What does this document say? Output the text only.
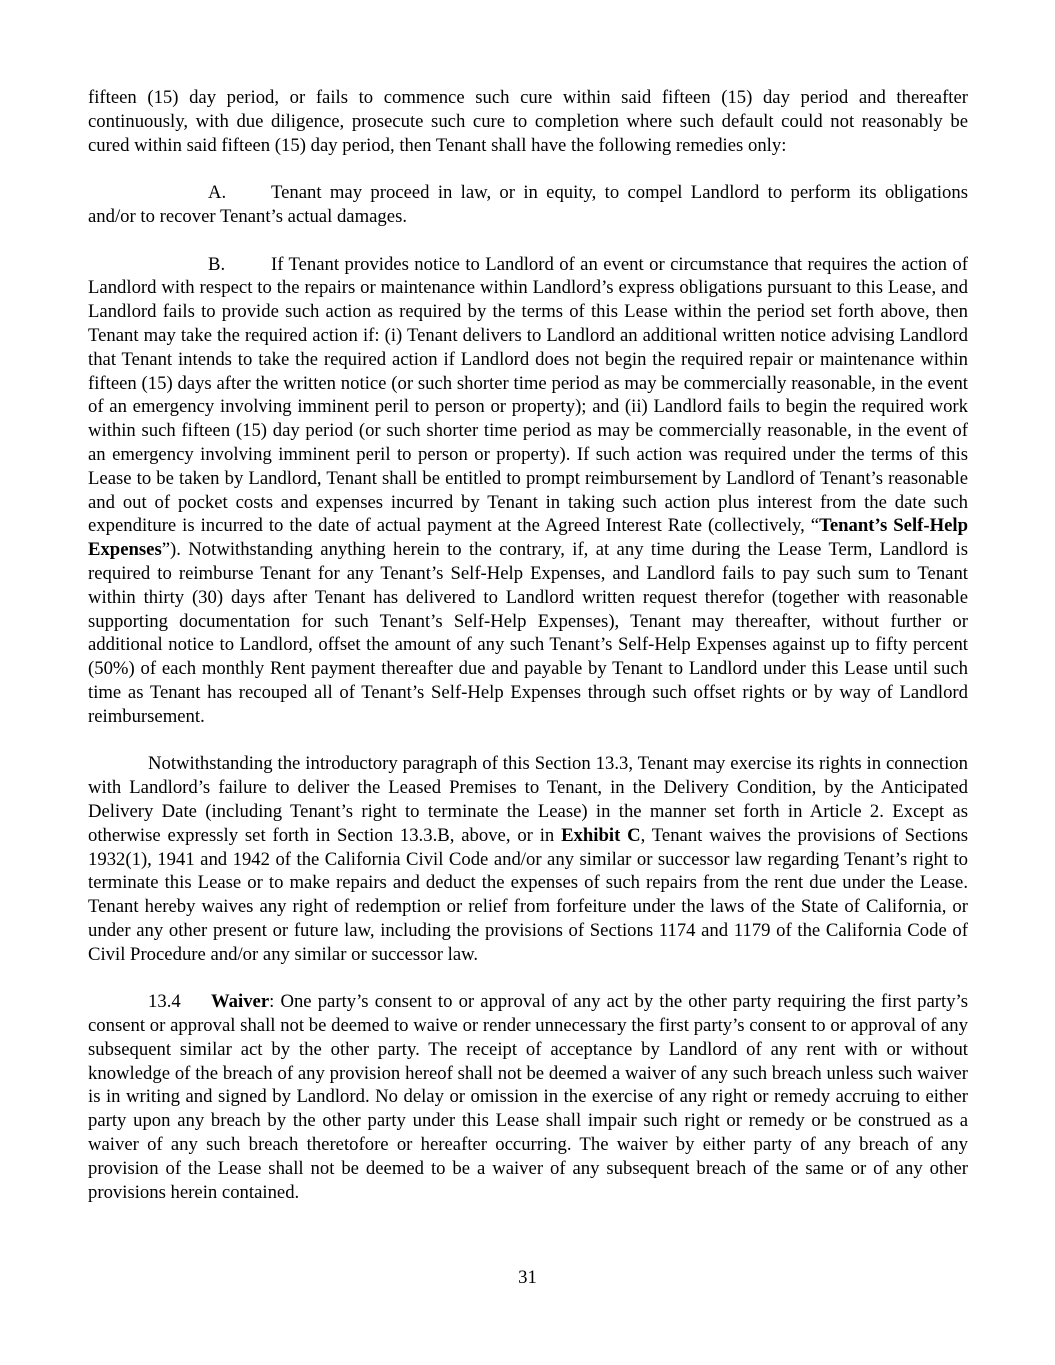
fifteen (15) day period, or fails to commence such cure within said fifteen (15) day period and thereafter continuously, with due diligence, prosecute such cure to completion where such default could not reasonably be cured within said fifteen (15) day period, then Tenant shall have the following remedies only:

A. Tenant may proceed in law, or in equity, to compel Landlord to perform its obligations and/or to recover Tenant’s actual damages.

B. If Tenant provides notice to Landlord of an event or circumstance that requires the action of Landlord with respect to the repairs or maintenance within Landlord’s express obligations pursuant to this Lease, and Landlord fails to provide such action as required by the terms of this Lease within the period set forth above, then Tenant may take the required action if: (i) Tenant delivers to Landlord an additional written notice advising Landlord that Tenant intends to take the required action if Landlord does not begin the required repair or maintenance within fifteen (15) days after the written notice (or such shorter time period as may be commercially reasonable, in the event of an emergency involving imminent peril to person or property); and (ii) Landlord fails to begin the required work within such fifteen (15) day period (or such shorter time period as may be commercially reasonable, in the event of an emergency involving imminent peril to person or property). If such action was required under the terms of this Lease to be taken by Landlord, Tenant shall be entitled to prompt reimbursement by Landlord of Tenant’s reasonable and out of pocket costs and expenses incurred by Tenant in taking such action plus interest from the date such expenditure is incurred to the date of actual payment at the Agreed Interest Rate (collectively, “Tenant’s Self-Help Expenses”). Notwithstanding anything herein to the contrary, if, at any time during the Lease Term, Landlord is required to reimburse Tenant for any Tenant’s Self-Help Expenses, and Landlord fails to pay such sum to Tenant within thirty (30) days after Tenant has delivered to Landlord written request therefor (together with reasonable supporting documentation for such Tenant’s Self-Help Expenses), Tenant may thereafter, without further or additional notice to Landlord, offset the amount of any such Tenant’s Self-Help Expenses against up to fifty percent (50%) of each monthly Rent payment thereafter due and payable by Tenant to Landlord under this Lease until such time as Tenant has recouped all of Tenant’s Self-Help Expenses through such offset rights or by way of Landlord reimbursement.

Notwithstanding the introductory paragraph of this Section 13.3, Tenant may exercise its rights in connection with Landlord’s failure to deliver the Leased Premises to Tenant, in the Delivery Condition, by the Anticipated Delivery Date (including Tenant’s right to terminate the Lease) in the manner set forth in Article 2. Except as otherwise expressly set forth in Section 13.3.B, above, or in Exhibit C, Tenant waives the provisions of Sections 1932(1), 1941 and 1942 of the California Civil Code and/or any similar or successor law regarding Tenant’s right to terminate this Lease or to make repairs and deduct the expenses of such repairs from the rent due under the Lease. Tenant hereby waives any right of redemption or relief from forfeiture under the laws of the State of California, or under any other present or future law, including the provisions of Sections 1174 and 1179 of the California Code of Civil Procedure and/or any similar or successor law.

13.4 Waiver: One party’s consent to or approval of any act by the other party requiring the first party’s consent or approval shall not be deemed to waive or render unnecessary the first party’s consent to or approval of any subsequent similar act by the other party. The receipt of acceptance by Landlord of any rent with or without knowledge of the breach of any provision hereof shall not be deemed a waiver of any such breach unless such waiver is in writing and signed by Landlord. No delay or omission in the exercise of any right or remedy accruing to either party upon any breach by the other party under this Lease shall impair such right or remedy or be construed as a waiver of any such breach theretofore or hereafter occurring. The waiver by either party of any breach of any provision of the Lease shall not be deemed to be a waiver of any subsequent breach of the same or of any other provisions herein contained.

31
